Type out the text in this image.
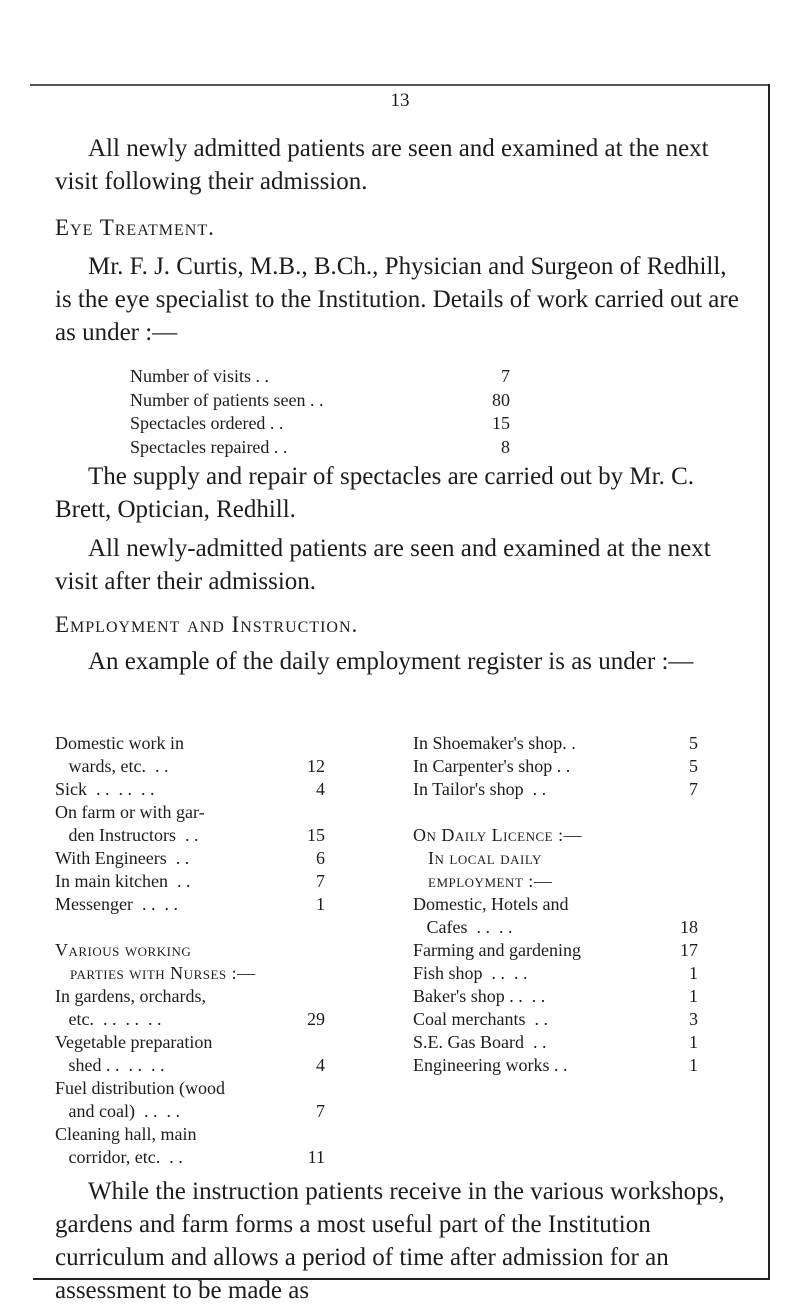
13

All newly admitted patients are seen and examined at the next visit following their admission.

Eye Treatment.

Mr. F. J. Curtis, M.B., B.Ch., Physician and Surgeon of Redhill, is the eye specialist to the Institution. Details of work carried out are as under :—

Number of visits . .	7
Number of patients seen . .	80
Spectacles ordered . .	15
Spectacles repaired . .	8

The supply and repair of spectacles are carried out by Mr. C. Brett, Optician, Redhill.

All newly-admitted patients are seen and examined at the next visit after their admission.

Employment and Instruction.

An example of the daily employment register is as under :—

Domestic work in
wards, etc.  . .	12
Sick  . .  . .  . .	4
On farm or with gar-
den Instructors  . .	15
With Engineers  . .	6
In main kitchen  . .	7
Messenger  . .  . .	1
Various working
parties with Nurses :—
In gardens, orchards,
etc.  . .  . .  . .	29
Vegetable preparation
shed . .  . .  . .	4
Fuel distribution (wood
and coal)  . .  . .	7
Cleaning hall, main
corridor, etc.  . .	11
In Shoemaker's shop. .	5
In Carpenter's shop . .	5
In Tailor's shop  . .	7
On Daily Licence :—
In local daily
employment :—
Domestic, Hotels and
Cafes  . .  . .	18
Farming and gardening	17
Fish shop  . .  . .	1
Baker's shop . .  . .	1
Coal merchants  . .	3
S.E. Gas Board  . .	1
Engineering works . .	1

While the instruction patients receive in the various workshops, gardens and farm forms a most useful part of the Institution curriculum and allows a period of time after admission for an assessment to be made as
